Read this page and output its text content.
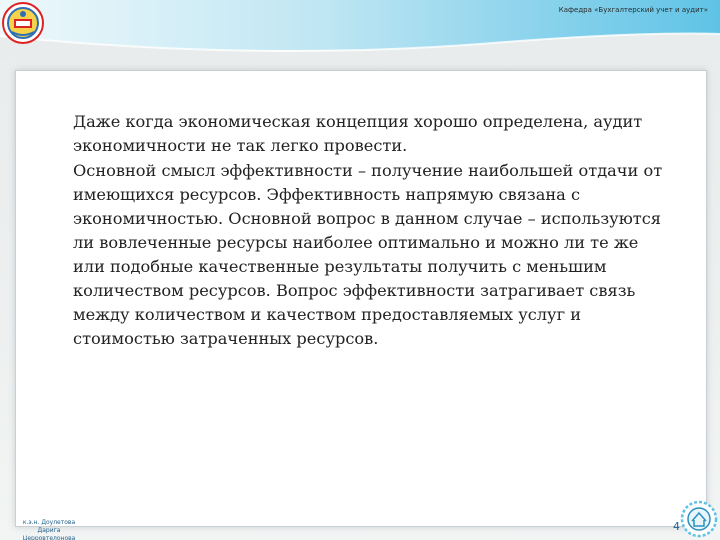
Кафедра «Бухгалтерский учет и аудит»

Даже когда экономическая концепция хорошо определена, аудит экономичности не так легко провести.

Основной смысл эффективности – получение наибольшей отдачи от имеющихся ресурсов. Эффективность напрямую связана с экономичностью. Основной вопрос в данном случае – используются ли вовлеченные ресурсы наиболее оптимально и можно ли те же или подобные качественные результаты получить с меньшим количеством ресурсов. Вопрос эффективности затрагивает связь между количеством и качеством предоставляемых услуг и стоимостью затраченных ресурсов.

к.э.н. Доулетова Дарига
Церровтелонова
4
